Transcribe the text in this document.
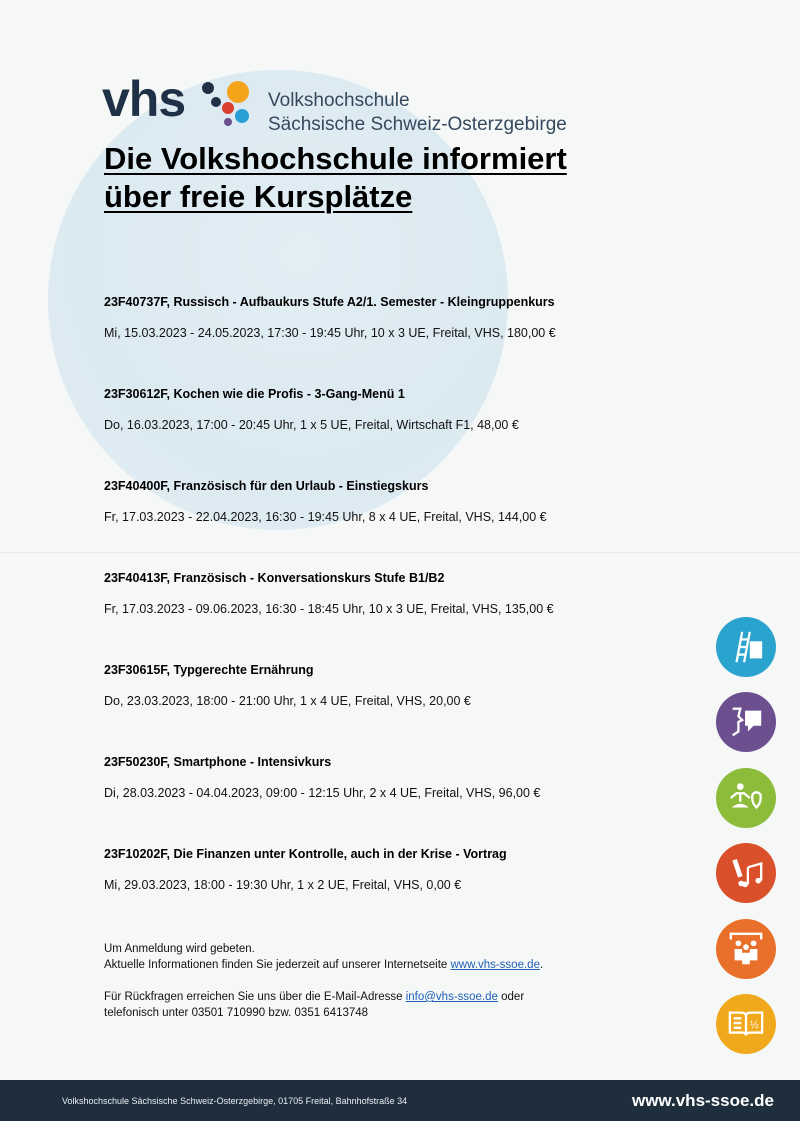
vhs	Volkshochschule
Sächsische Schweiz-Osterzgebirge
Die Volkshochschule informiert
über freie Kursplätze
23F40737F, Russisch - Aufbaukurs Stufe A2/1. Semester - Kleingruppenkurs
Mi, 15.03.2023 - 24.05.2023, 17:30 - 19:45 Uhr, 10 x 3 UE, Freital, VHS, 180,00 €
23F30612F, Kochen wie die Profis - 3-Gang-Menü 1
Do, 16.03.2023, 17:00 - 20:45 Uhr, 1 x 5 UE, Freital, Wirtschaft F1, 48,00 €
23F40400F, Französisch für den Urlaub - Einstiegskurs
Fr, 17.03.2023 - 22.04.2023, 16:30 - 19:45 Uhr, 8 x 4 UE, Freital, VHS, 144,00 €
23F40413F, Französisch - Konversationskurs Stufe B1/B2
Fr, 17.03.2023 - 09.06.2023, 16:30 - 18:45 Uhr, 10 x 3 UE, Freital, VHS, 135,00 €
23F30615F, Typgerechte Ernährung
Do, 23.03.2023, 18:00 - 21:00 Uhr, 1 x 4 UE, Freital, VHS, 20,00 €
23F50230F, Smartphone - Intensivkurs
Di, 28.03.2023 - 04.04.2023, 09:00 - 12:15 Uhr, 2 x 4 UE, Freital, VHS, 96,00 €
23F10202F, Die Finanzen unter Kontrolle, auch in der Krise - Vortrag
Mi, 29.03.2023, 18:00 - 19:30 Uhr, 1 x 2 UE, Freital, VHS, 0,00 €

Um Anmeldung wird gebeten.

Aktuelle Informationen finden Sie jederzeit auf unserer Internetseite www.vhs-ssoe.de.

Für Rückfragen erreichen Sie uns über die E-Mail-Adresse info@vhs-ssoe.de oder

telefonisch unter 03501 710990 bzw. 0351 6413748

½
Volkshochschule Sächsische Schweiz-Osterzgebirge, 01705 Freital, Bahnhofstraße 34	www.vhs-ssoe.de
